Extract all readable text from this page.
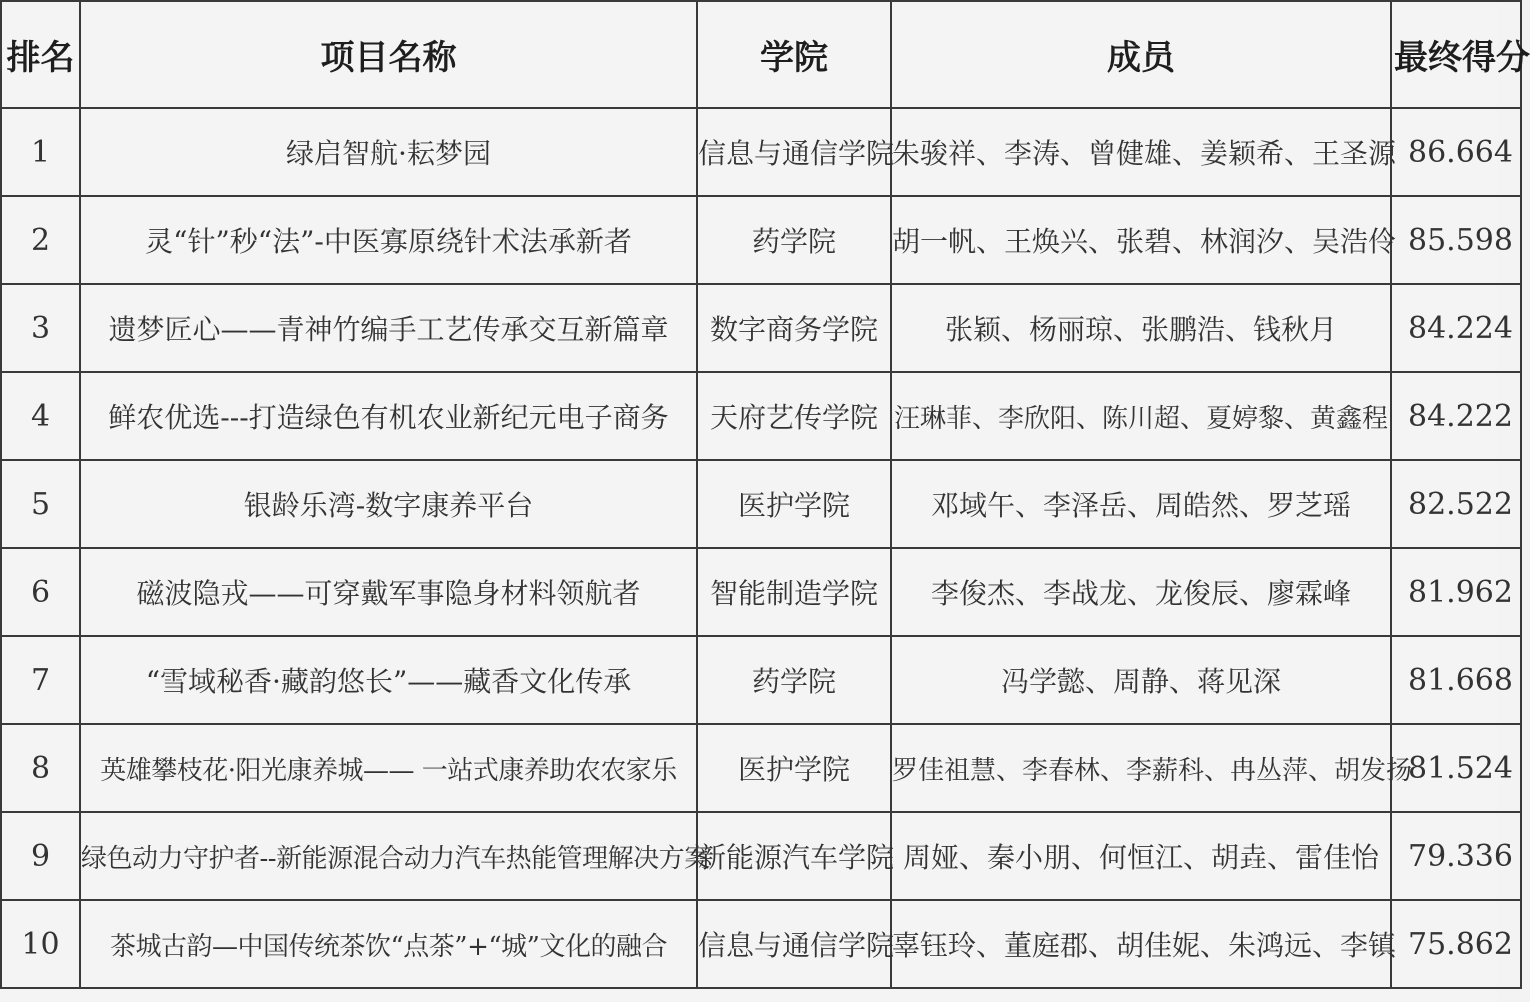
排名	项目名称	学院	成员	最终得分
1	绿启智航·耘梦园	信息与通信学院	朱骏祥、李涛、曾健雄、姜颖希、王圣源	86.664
2	灵“针”秒“法”-中医寡原绕针术法承新者	药学院	胡一帆、王焕兴、张碧、林润汐、吴浩伶	85.598
3	遗梦匠心——青神竹编手工艺传承交互新篇章	数字商务学院	张颖、杨丽琼、张鹏浩、钱秋月	84.224
4	鲜农优选---打造绿色有机农业新纪元电子商务	天府艺传学院	汪琳菲、李欣阳、陈川超、夏婷黎、黄鑫程	84.222
5	银龄乐湾-数字康养平台	医护学院	邓域午、李泽岳、周皓然、罗芝瑶	82.522
6	磁波隐戎——可穿戴军事隐身材料领航者	智能制造学院	李俊杰、李战龙、龙俊辰、廖霖峰	81.962
7	“雪域秘香·藏韵悠长”——藏香文化传承	药学院	冯学懿、周静、蒋见深	81.668
8	英雄攀枝花·阳光康养城—— 一站式康养助农农家乐	医护学院	罗佳祖慧、李春林、李薪科、冉丛萍、胡发扬	81.524
9	绿色动力守护者--新能源混合动力汽车热能管理解决方案	新能源汽车学院	周娅、秦小朋、何恒江、胡垚、雷佳怡	79.336
10	茶城古韵—中国传统茶饮“点茶”+“城”文化的融合	信息与通信学院	辜钰玲、董庭郡、胡佳妮、朱鸿远、李镇	75.862
